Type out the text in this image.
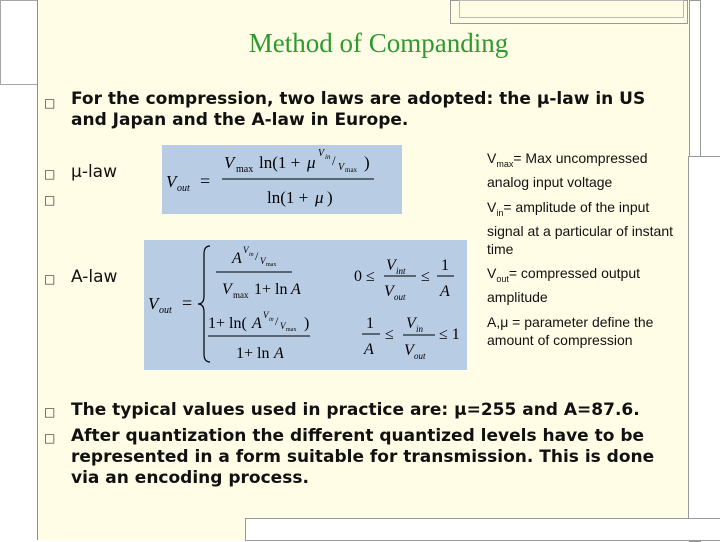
Method of Companding
□ For the compression, two laws are adopted: the μ-law in US and Japan and the A-law in Europe.
□ μ-law
□
□ A-law
V out =
V max ln(1 + μ V in / V max )
ln(1 + μ )
V out =
A V in / V max
V max 1+ ln A
0 ≤
V int
V out
≤
1
A
1+ ln( A V in / V max )
1+ ln A
1
A
≤
V in
V out
≤ 1
$V_{max}=$ Max uncompressed analog input voltage
$V_{in}=$ amplitude of the input signal at a particular of instant time
$V_{out}=$ compressed output amplitude
A,μ = parameter define the amount of compression
□ The typical values used in practice are: μ=255 and A=87.6.
□ After quantization the different quantized levels have to be represented in a form suitable for transmission. This is done via an encoding process.
